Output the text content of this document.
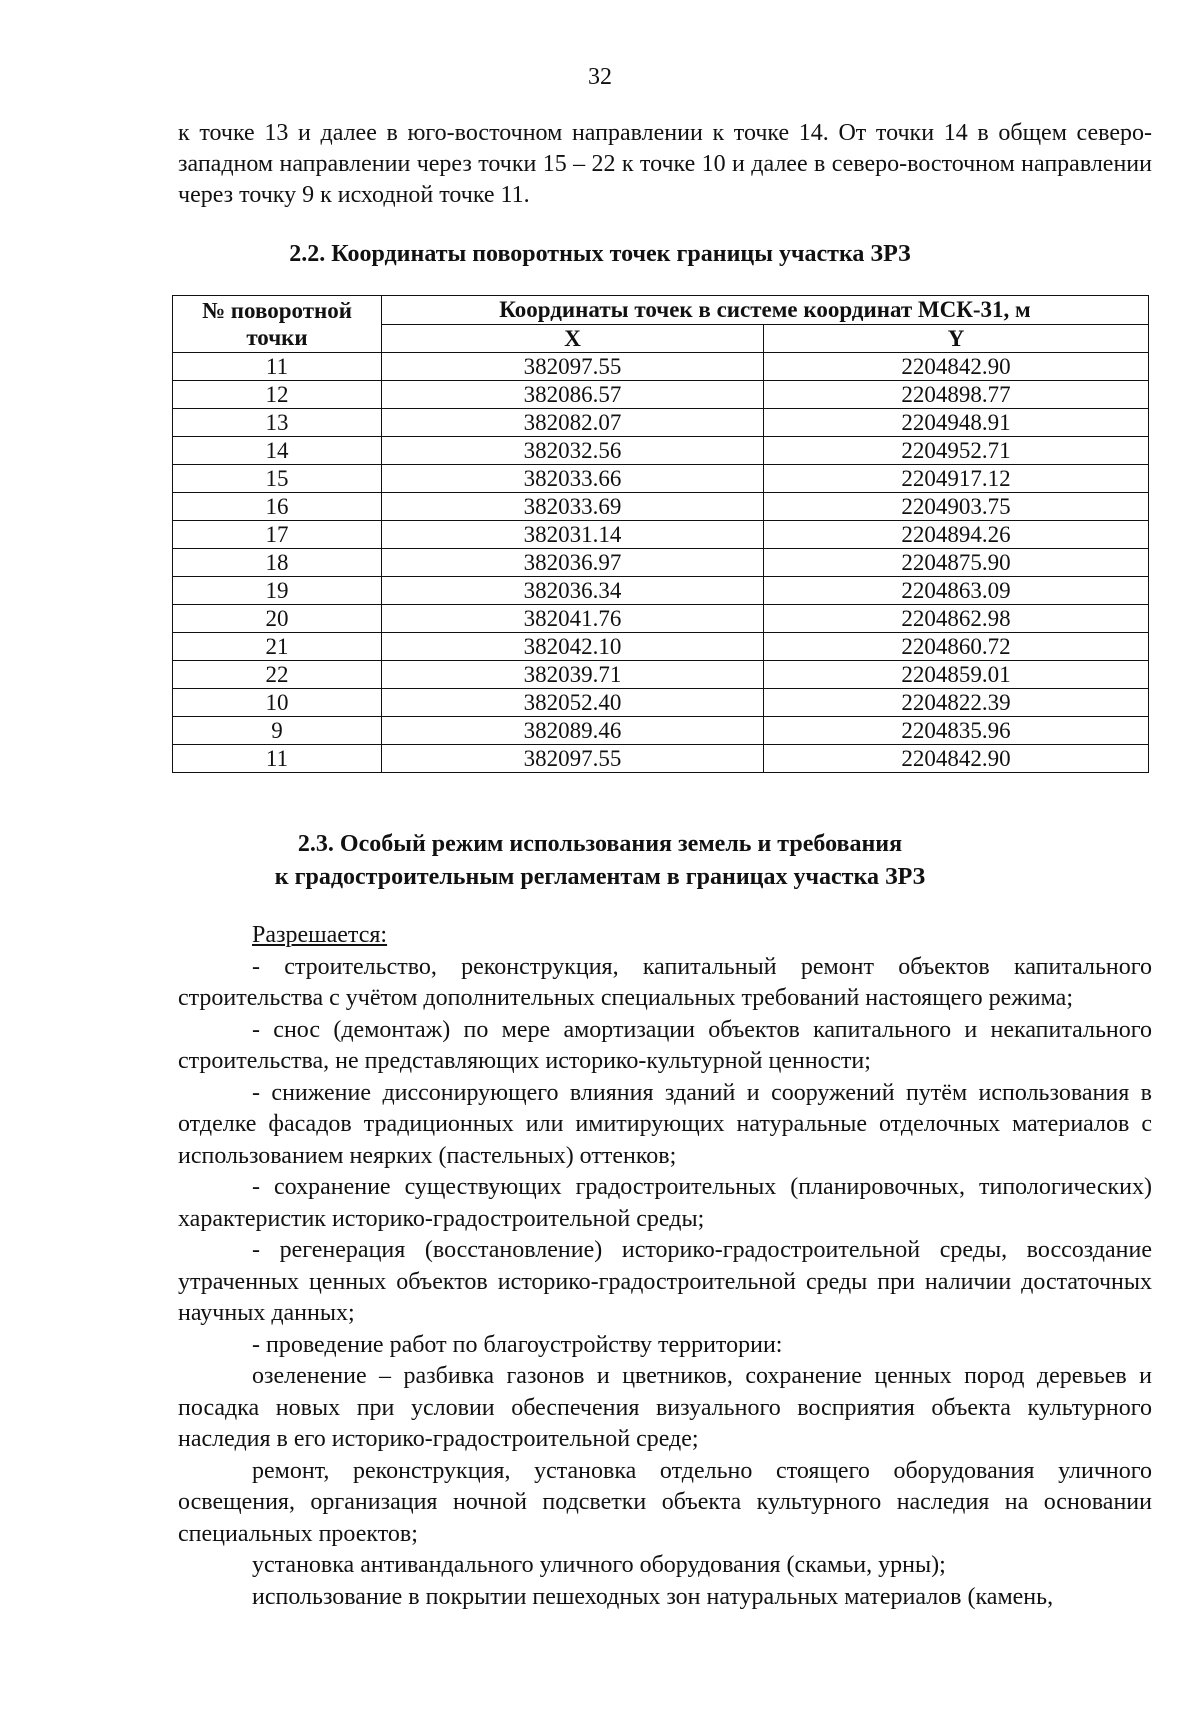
32

к точке 13 и далее в юго-восточном направлении к точке 14. От точки 14 в общем северо-западном направлении через точки 15 – 22 к точке 10 и далее в северо-восточном направлении через точку 9 к исходной точке 11.

2.2. Координаты поворотных точек границы участка ЗРЗ
№ поворотной точки	Координаты точек в системе координат МСК-31, м	
	X	Y
11	382097.55	2204842.90
12	382086.57	2204898.77
13	382082.07	2204948.91
14	382032.56	2204952.71
15	382033.66	2204917.12
16	382033.69	2204903.75
17	382031.14	2204894.26
18	382036.97	2204875.90
19	382036.34	2204863.09
20	382041.76	2204862.98
21	382042.10	2204860.72
22	382039.71	2204859.01
10	382052.40	2204822.39
9	382089.46	2204835.96
11	382097.55	2204842.90
2.3. Особый режим использования земель и требования
к градостроительным регламентам в границах участка ЗРЗ

Разрешается:

- строительство, реконструкция, капитальный ремонт объектов капитального строительства с учётом дополнительных специальных требований настоящего режима;

- снос (демонтаж) по мере амортизации объектов капитального и некапитального строительства, не представляющих историко-культурной ценности;

- снижение диссонирующего влияния зданий и сооружений путём использования в отделке фасадов традиционных или имитирующих натуральные отделочных материалов с использованием неярких (пастельных) оттенков;

- сохранение существующих градостроительных (планировочных, типологических) характеристик историко-градостроительной среды;

- регенерация (восстановление) историко-градостроительной среды, воссоздание утраченных ценных объектов историко-градостроительной среды при наличии достаточных научных данных;

- проведение работ по благоустройству территории:

озеленение – разбивка газонов и цветников, сохранение ценных пород деревьев и посадка новых при условии обеспечения визуального восприятия объекта культурного наследия в его историко-градостроительной среде;

ремонт, реконструкция, установка отдельно стоящего оборудования уличного освещения, организация ночной подсветки объекта культурного наследия на основании специальных проектов;

установка антивандального уличного оборудования (скамьи, урны);

использование в покрытии пешеходных зон натуральных материалов (камень,
